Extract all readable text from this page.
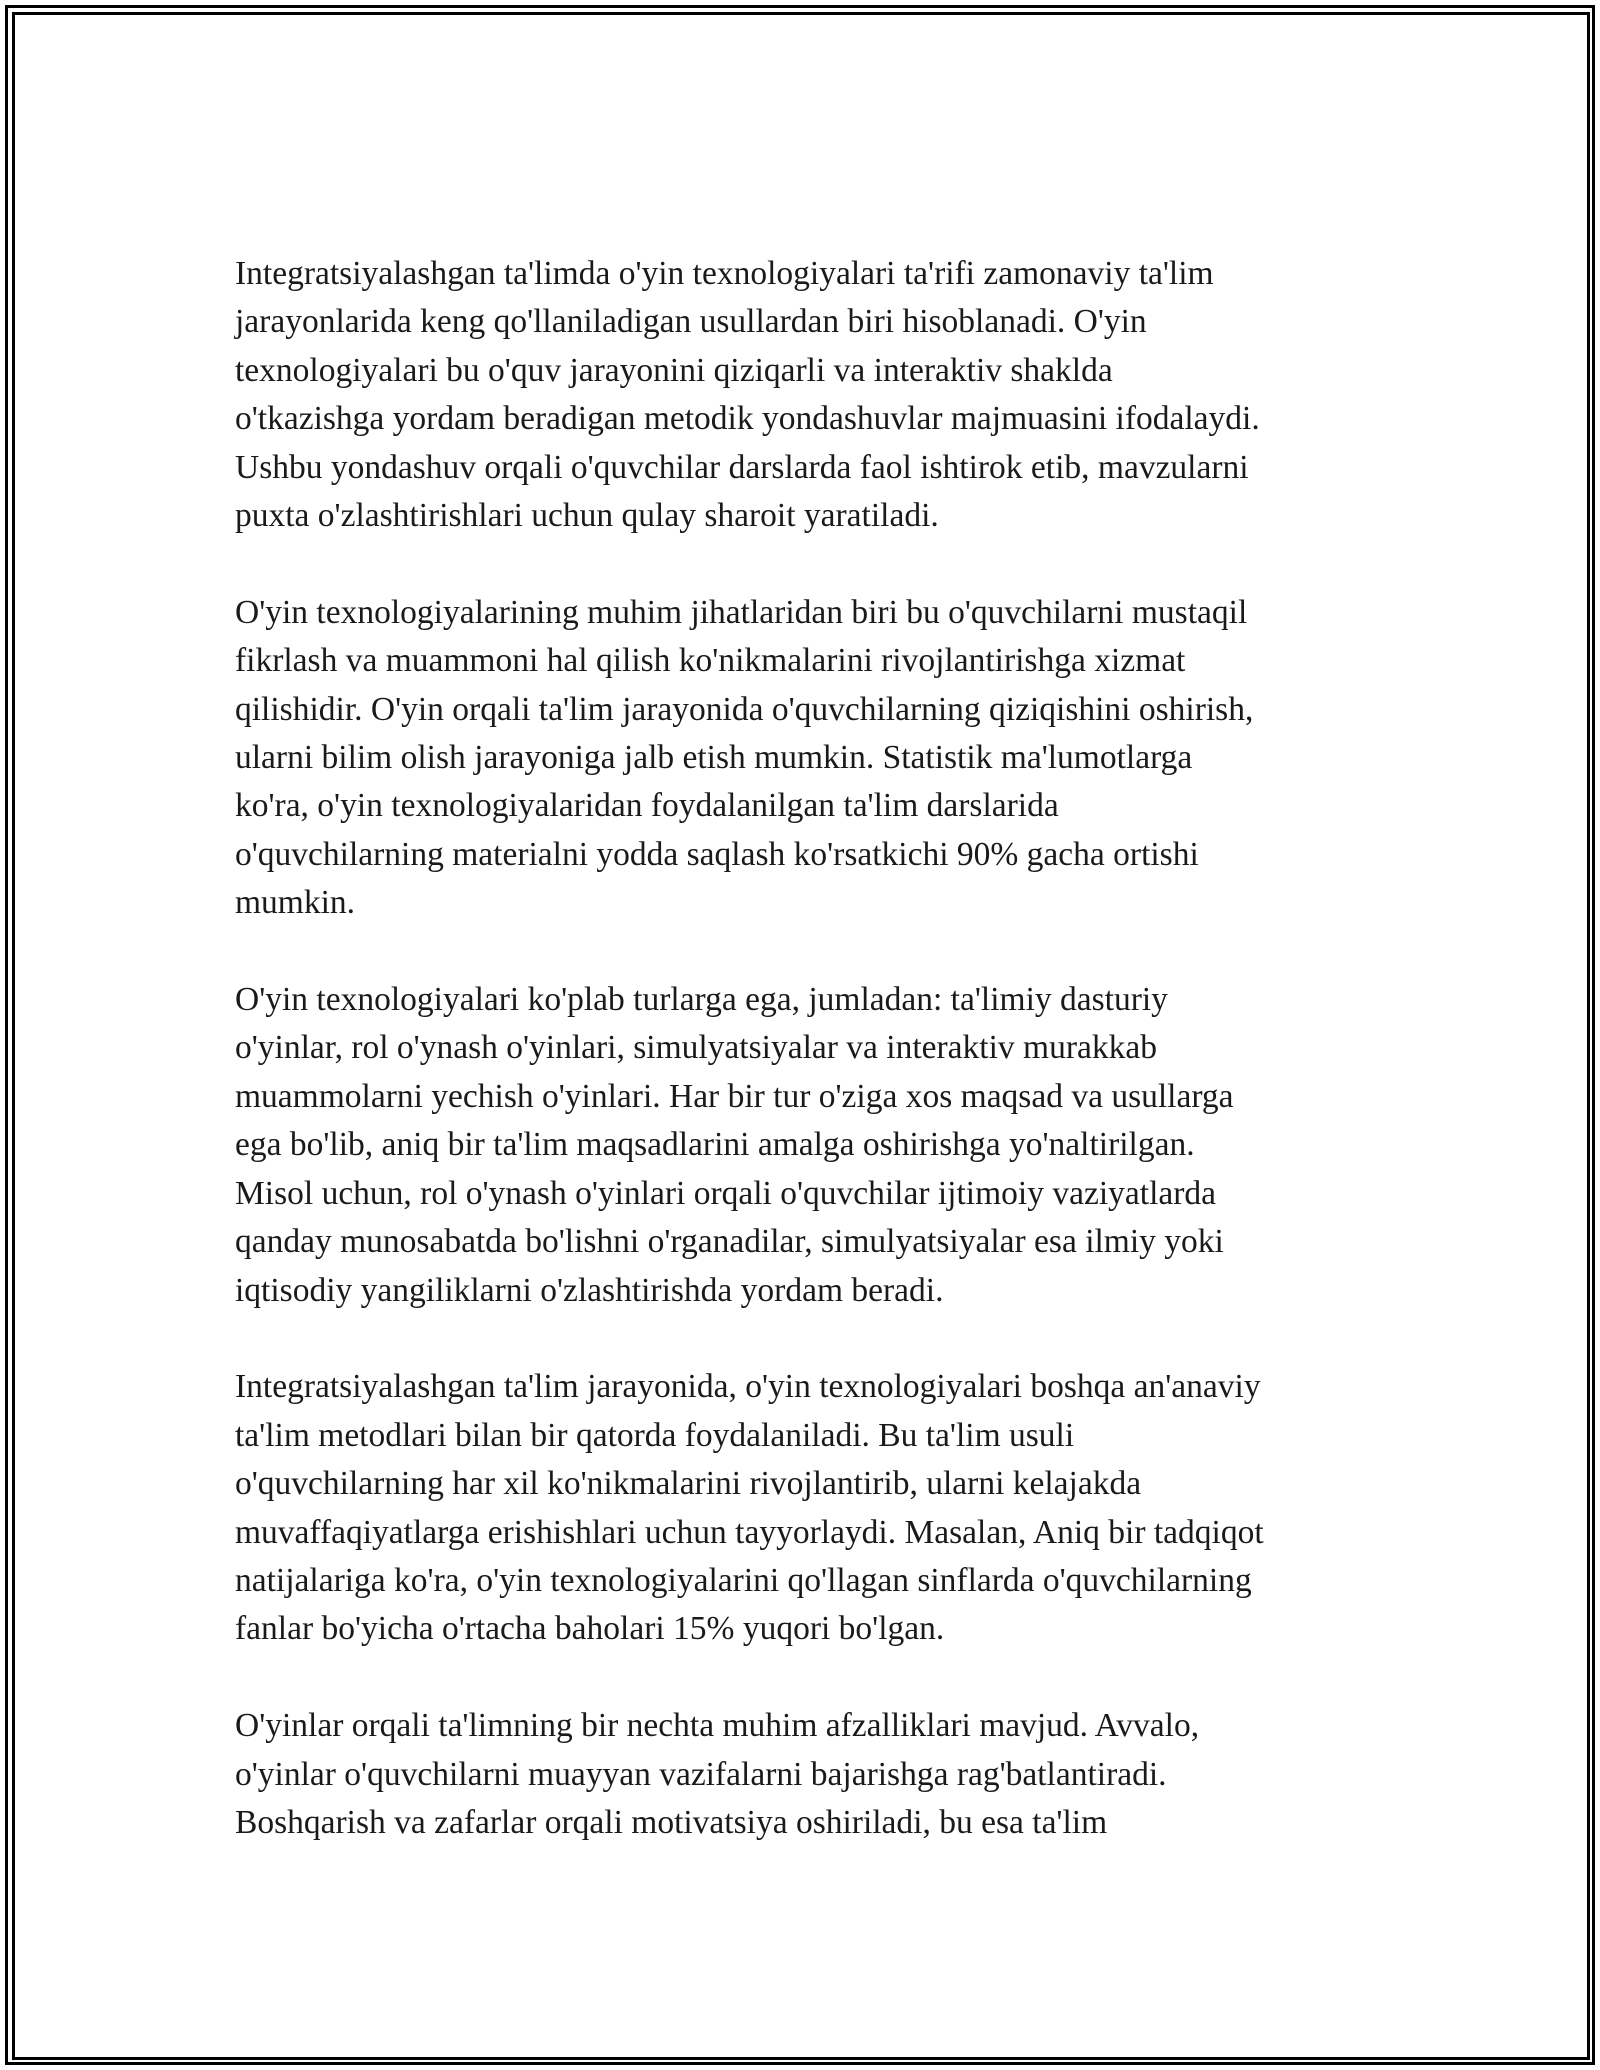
Integratsiyalashgan ta'limda o'yin texnologiyalari ta'rifi zamonaviy ta'lim
jarayonlarida keng qo'llaniladigan usullardan biri hisoblanadi. O'yin
texnologiyalari bu o'quv jarayonini qiziqarli va interaktiv shaklda
o'tkazishga yordam beradigan metodik yondashuvlar majmuasini ifodalaydi.
Ushbu yondashuv orqali o'quvchilar darslarda faol ishtirok etib, mavzularni
puxta o'zlashtirishlari uchun qulay sharoit yaratiladi.

O'yin texnologiyalarining muhim jihatlaridan biri bu o'quvchilarni mustaqil
fikrlash va muammoni hal qilish ko'nikmalarini rivojlantirishga xizmat
qilishidir. O'yin orqali ta'lim jarayonida o'quvchilarning qiziqishini oshirish,
ularni bilim olish jarayoniga jalb etish mumkin. Statistik ma'lumotlarga
ko'ra, o'yin texnologiyalaridan foydalanilgan ta'lim darslarida
o'quvchilarning materialni yodda saqlash ko'rsatkichi 90% gacha ortishi
mumkin.

O'yin texnologiyalari ko'plab turlarga ega, jumladan: ta'limiy dasturiy
o'yinlar, rol o'ynash o'yinlari, simulyatsiyalar va interaktiv murakkab
muammolarni yechish o'yinlari. Har bir tur o'ziga xos maqsad va usullarga
ega bo'lib, aniq bir ta'lim maqsadlarini amalga oshirishga yo'naltirilgan.
Misol uchun, rol o'ynash o'yinlari orqali o'quvchilar ijtimoiy vaziyatlarda
qanday munosabatda bo'lishni o'rganadilar, simulyatsiyalar esa ilmiy yoki
iqtisodiy yangiliklarni o'zlashtirishda yordam beradi.

Integratsiyalashgan ta'lim jarayonida, o'yin texnologiyalari boshqa an'anaviy
ta'lim metodlari bilan bir qatorda foydalaniladi. Bu ta'lim usuli
o'quvchilarning har xil ko'nikmalarini rivojlantirib, ularni kelajakda
muvaffaqiyatlarga erishishlari uchun tayyorlaydi. Masalan, Aniq bir tadqiqot
natijalariga ko'ra, o'yin texnologiyalarini qo'llagan sinflarda o'quvchilarning
fanlar bo'yicha o'rtacha baholari 15% yuqori bo'lgan.

O'yinlar orqali ta'limning bir nechta muhim afzalliklari mavjud. Avvalo,
o'yinlar o'quvchilarni muayyan vazifalarni bajarishga rag'batlantiradi.
Boshqarish va zafarlar orqali motivatsiya oshiriladi, bu esa ta'lim
